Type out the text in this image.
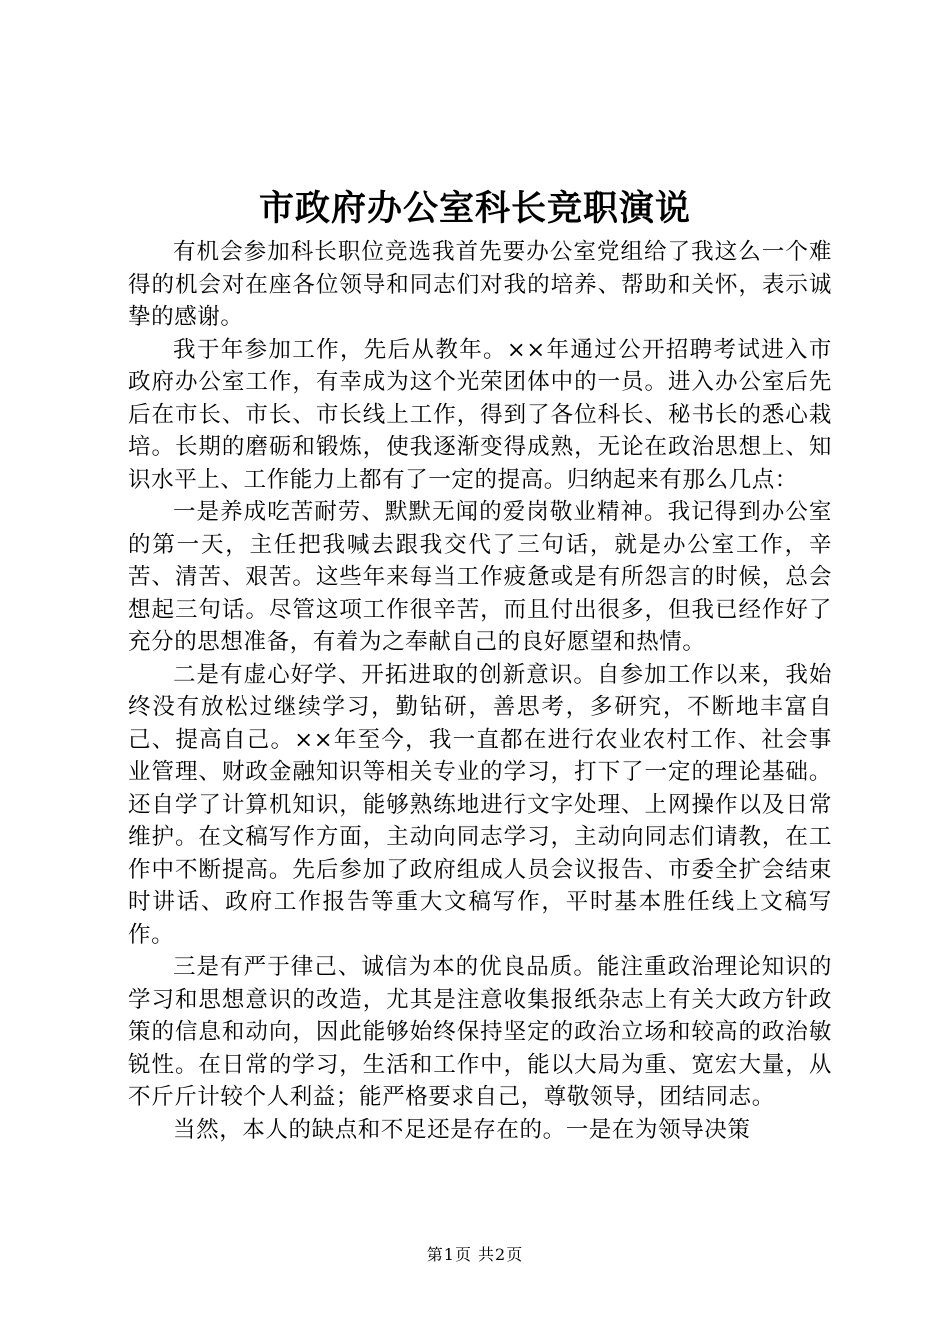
市政府办公室科长竞职演说

有机会参加科长职位竞选我首先要办公室党组给了我这么一个难得的机会对在座各位领导和同志们对我的培养、帮助和关怀，表示诚挚的感谢。

我于年参加工作，先后从教年。××年通过公开招聘考试进入市政府办公室工作，有幸成为这个光荣团体中的一员。进入办公室后先后在市长、市长、市长线上工作，得到了各位科长、秘书长的悉心栽培。长期的磨砺和锻炼，使我逐渐变得成熟，无论在政治思想上、知识水平上、工作能力上都有了一定的提高。归纳起来有那么几点：

一是养成吃苦耐劳、默默无闻的爱岗敬业精神。我记得到办公室的第一天，主任把我喊去跟我交代了三句话，就是办公室工作，辛苦、清苦、艰苦。这些年来每当工作疲惫或是有所怨言的时候，总会想起三句话。尽管这项工作很辛苦，而且付出很多，但我已经作好了充分的思想准备，有着为之奉献自己的良好愿望和热情。

二是有虚心好学、开拓进取的创新意识。自参加工作以来，我始终没有放松过继续学习，勤钻研，善思考，多研究，不断地丰富自己、提高自己。××年至今，我一直都在进行农业农村工作、社会事业管理、财政金融知识等相关专业的学习，打下了一定的理论基础。还自学了计算机知识，能够熟练地进行文字处理、上网操作以及日常维护。在文稿写作方面，主动向同志学习，主动向同志们请教，在工作中不断提高。先后参加了政府组成人员会议报告、市委全扩会结束时讲话、政府工作报告等重大文稿写作，平时基本胜任线上文稿写作。

三是有严于律己、诚信为本的优良品质。能注重政治理论知识的学习和思想意识的改造，尤其是注意收集报纸杂志上有关大政方针政策的信息和动向，因此能够始终保持坚定的政治立场和较高的政治敏锐性。在日常的学习，生活和工作中，能以大局为重、宽宏大量，从不斤斤计较个人利益；能严格要求自己，尊敬领导，团结同志。

当然，本人的缺点和不足还是存在的。一是在为领导决策

第1页 共2页
